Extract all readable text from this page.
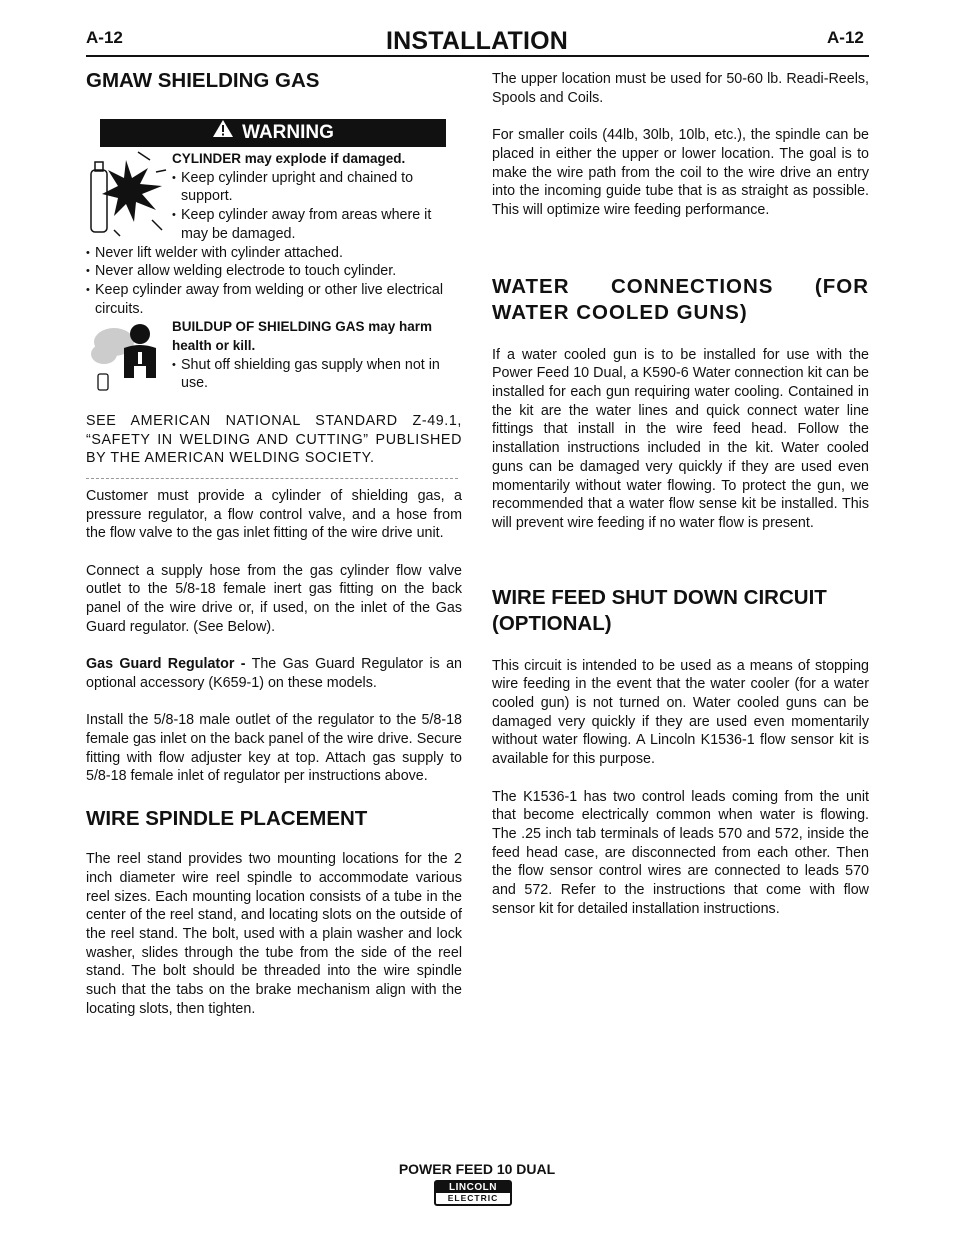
A-12	INSTALLATION	A-12
GMAW SHIELDING GAS
WARNING
CYLINDER may explode if damaged.
• Keep cylinder upright and chained to support.
• Keep cylinder away from areas where it may be damaged.
• Never lift welder with cylinder attached.
• Never allow welding electrode to touch cylinder.
• Keep cylinder away from welding or other live electrical circuits.
BUILDUP OF SHIELDING GAS may harm health or kill.
• Shut off shielding gas supply when not in use.

SEE AMERICAN NATIONAL STANDARD Z-49.1, “SAFETY IN WELDING AND CUTTING” PUBLISHED BY THE AMERICAN WELDING SOCIETY.

Customer must provide a cylinder of shielding gas, a pressure regulator, a flow control valve, and a hose from the flow valve to the gas inlet fitting of the wire drive unit.

Connect a supply hose from the gas cylinder flow valve outlet to the 5/8-18 female inert gas fitting on the back panel of the wire drive or, if used, on the inlet of the Gas Guard regulator. (See Below).

Gas Guard Regulator - The Gas Guard Regulator is an optional accessory (K659-1) on these models.

Install the 5/8-18 male outlet of the regulator to the 5/8-18 female gas inlet on the back panel of the wire drive. Secure fitting with flow adjuster key at top. Attach gas supply to 5/8-18 female inlet of regulator per instructions above.

WIRE SPINDLE PLACEMENT

The reel stand provides two mounting locations for the 2 inch diameter wire reel spindle to accommodate various reel sizes. Each mounting location consists of a tube in the center of the reel stand, and locating slots on the outside of the reel stand. The bolt, used with a plain washer and lock washer, slides through the tube from the side of the reel stand. The bolt should be threaded into the wire spindle such that the tabs on the brake mechanism align with the locating slots, then tighten.

The upper location must be used for 50-60 lb. Readi-Reels, Spools and Coils.

For smaller coils (44lb, 30lb, 10lb, etc.), the spindle can be placed in either the upper or lower location. The goal is to make the wire path from the coil to the wire drive an entry into the incoming guide tube that is as straight as possible. This will optimize wire feeding performance.

WATER CONNECTIONS (FOR WATER COOLED GUNS)

If a water cooled gun is to be installed for use with the Power Feed 10 Dual, a K590-6 Water connection kit can be installed for each gun requiring water cooling. Contained in the kit are the water lines and quick connect water line fittings that install in the wire feed head. Follow the installation instructions included in the kit. Water cooled guns can be damaged very quickly if they are used even momentarily without water flowing. To protect the gun, we recommended that a water flow sense kit be installed. This will prevent wire feeding if no water flow is present.

WIRE FEED SHUT DOWN CIRCUIT (OPTIONAL)

This circuit is intended to be used as a means of stopping wire feeding in the event that the water cooler (for a water cooled gun) is not turned on. Water cooled guns can be damaged very quickly if they are used even momentarily without water flowing. A Lincoln K1536-1 flow sensor kit is available for this purpose.

The K1536-1 has two control leads coming from the unit that become electrically common when water is flowing. The .25 inch tab terminals of leads 570 and 572, inside the feed head case, are disconnected from each other. Then the flow sensor control wires are connected to leads 570 and 572. Refer to the instructions that come with flow sensor kit for detailed installation instructions.

POWER FEED 10 DUAL
LINCOLN
ELECTRIC
